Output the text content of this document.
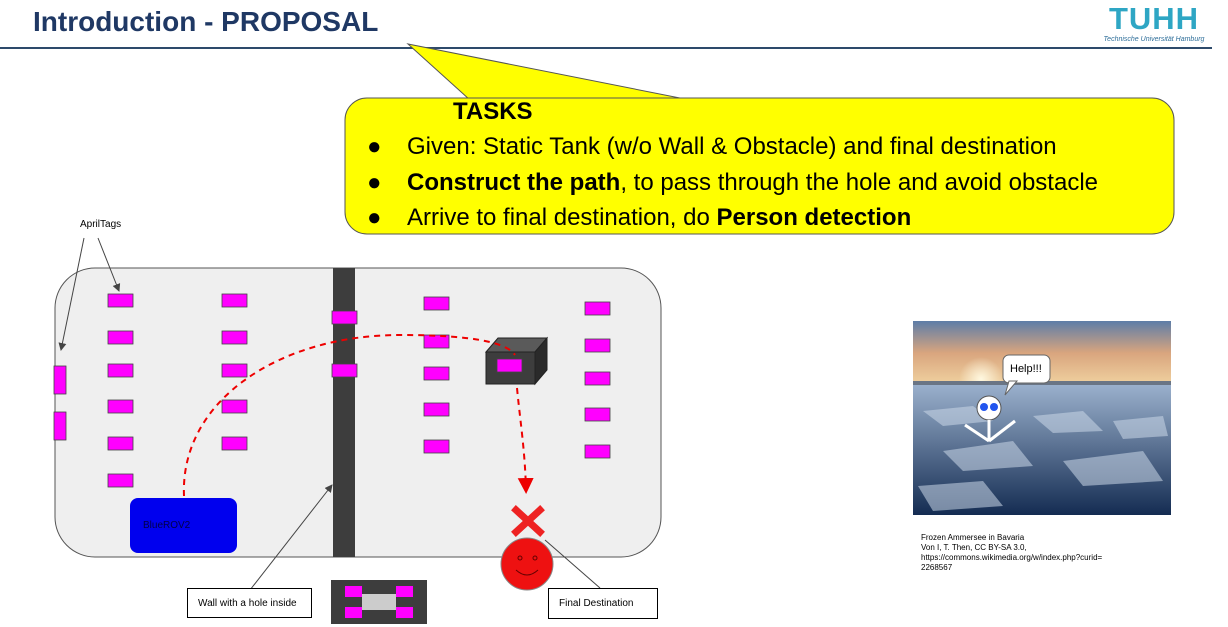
Introduction - PROPOSAL	TUHH
Technische Universität Hamburg
TASKS
● Given: Static Tank (w/o Wall & Obstacle) and final destination
● Construct the path, to pass through the hole and avoid obstacle
● Arrive to final destination, do Person detection
AprilTags
BlueROV2
Wall with a hole inside	Final Destination
Help!!!
Frozen Ammersee in Bavaria
Von I, T. Then, CC BY-SA 3.0,
https://commons.wikimedia.org/w/index.php?curid=
2268567
